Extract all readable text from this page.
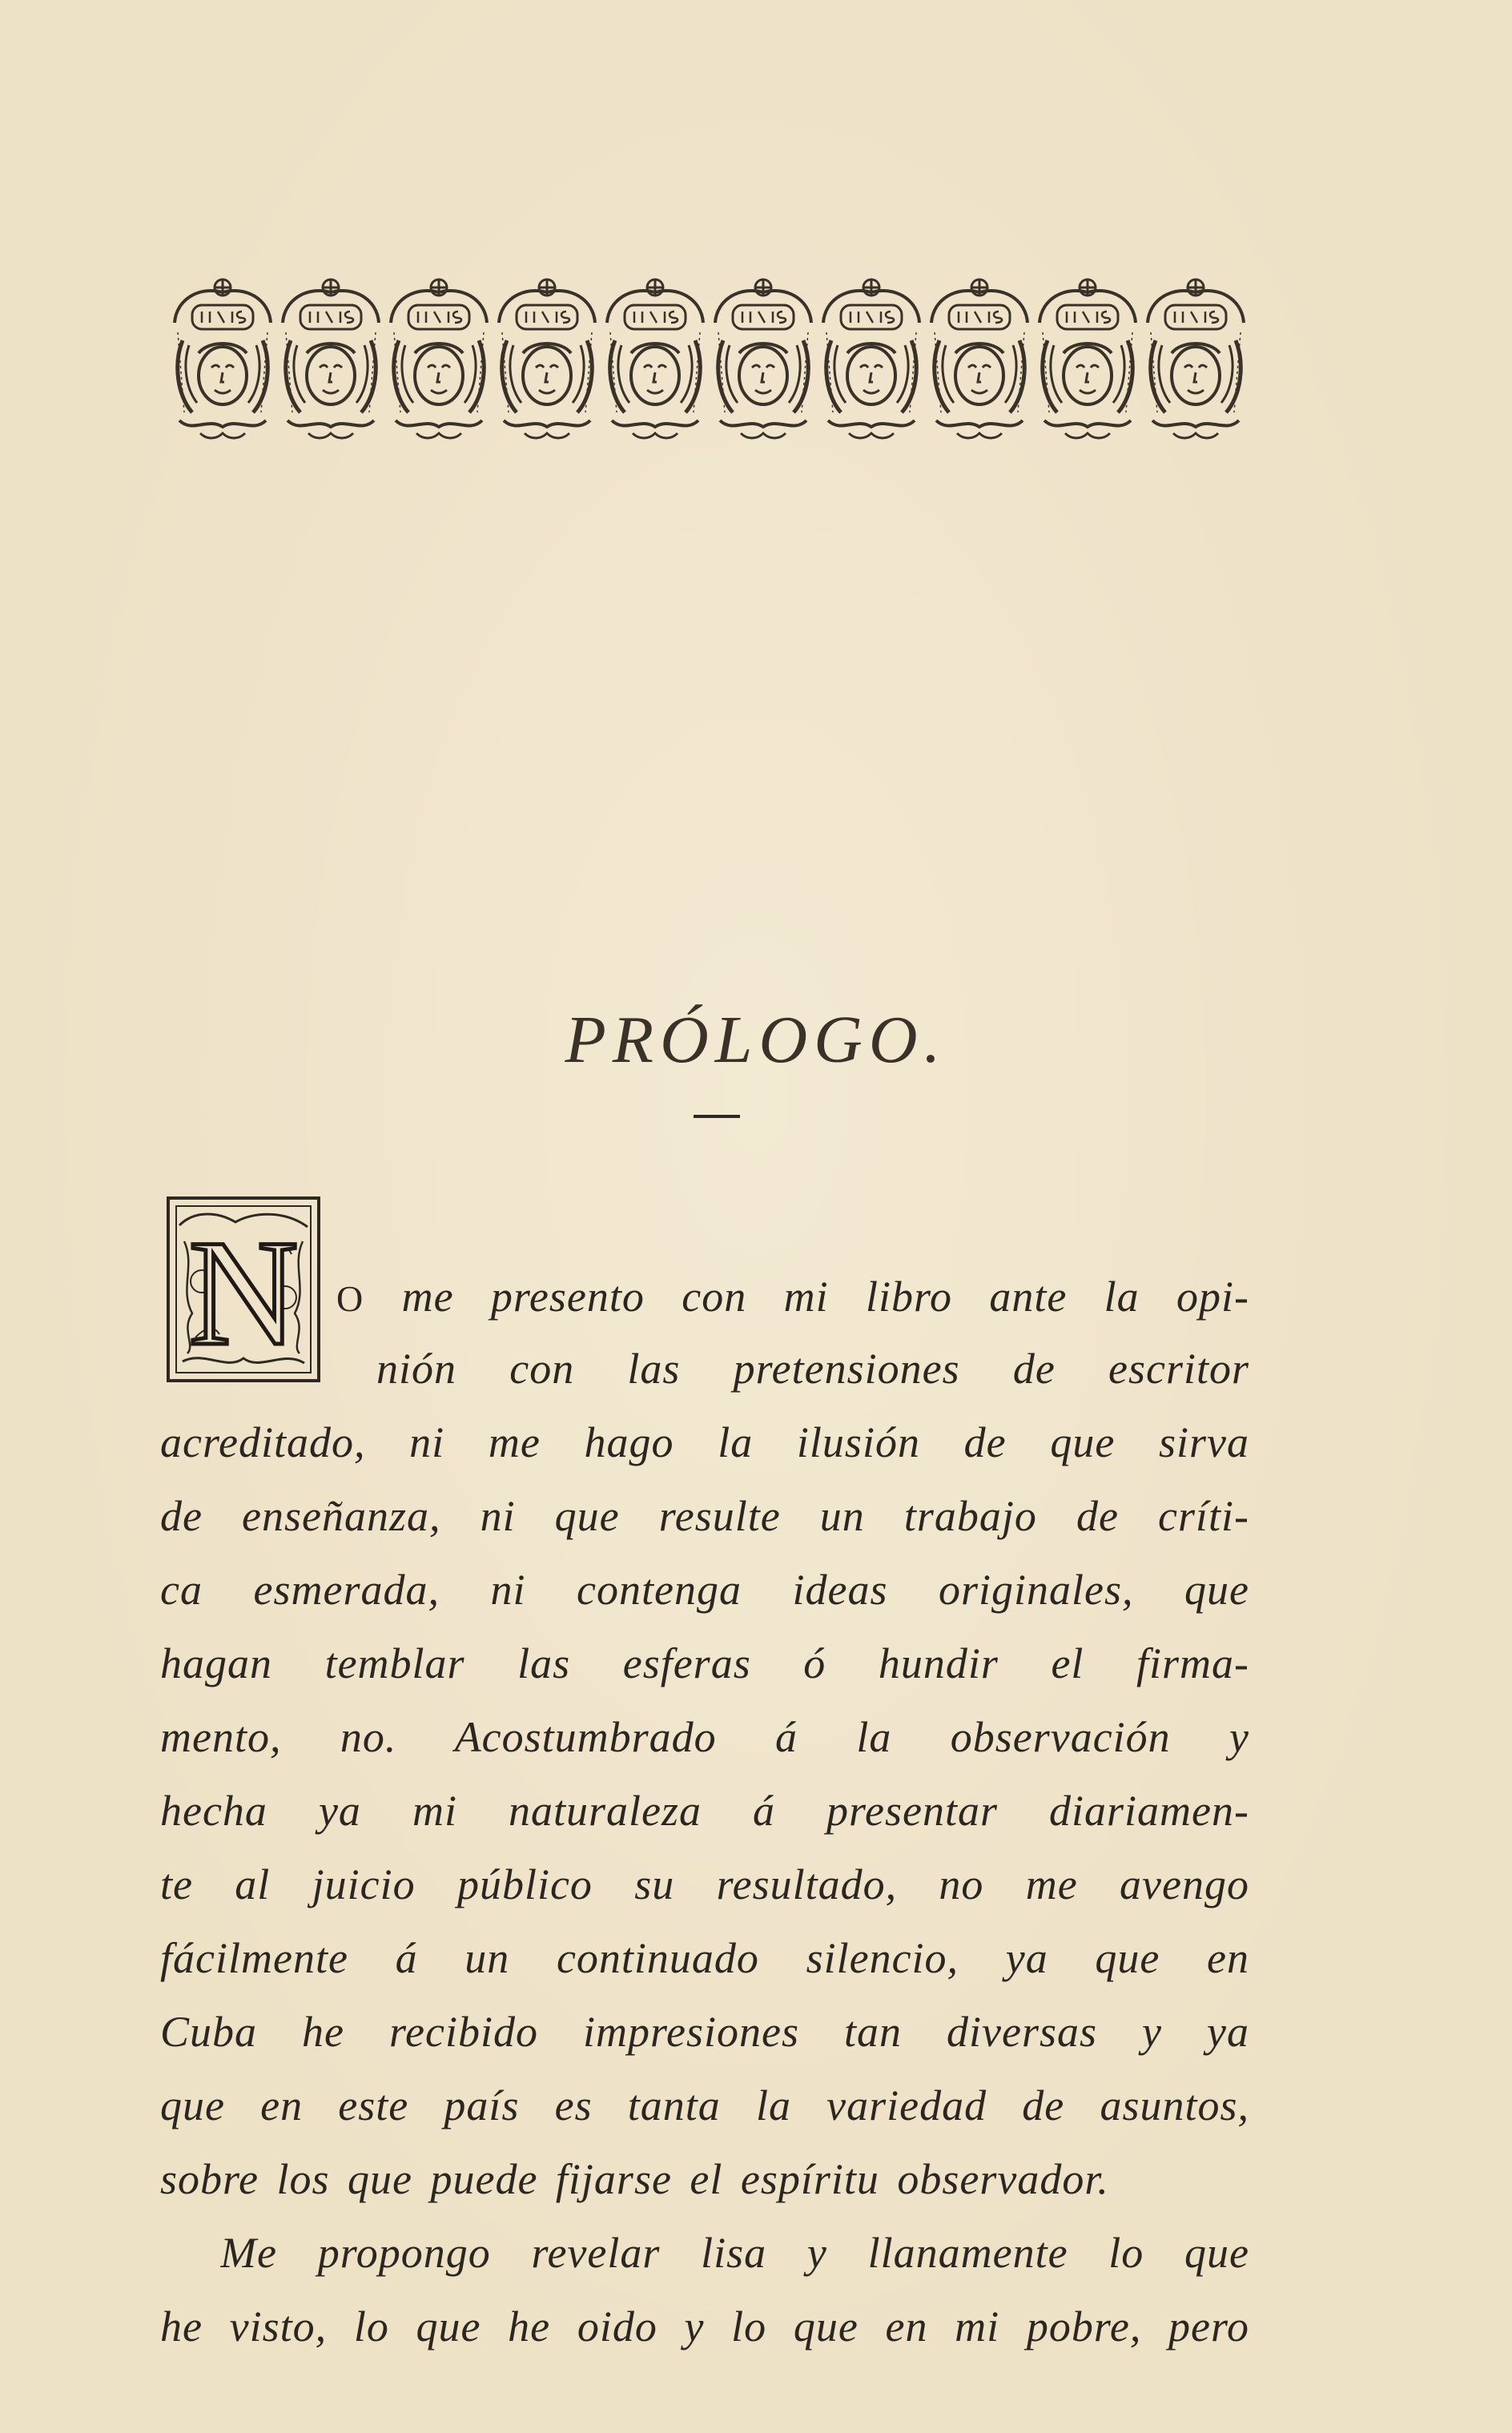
PRÓLOGO.
N O me presento con mi libro ante la opi-
nión con las pretensiones de escritor
acreditado, ni me hago la ilusión de que sirva
de enseñanza, ni que resulte un trabajo de críti-
ca esmerada, ni contenga ideas originales, que
hagan temblar las esferas ó hundir el firma-
mento, no. Acostumbrado á la observación y
hecha ya mi naturaleza á presentar diariamen-
te al juicio público su resultado, no me avengo
fácilmente á un continuado silencio, ya que en
Cuba he recibido impresiones tan diversas y ya
que en este país es tanta la variedad de asuntos,
sobre los que puede fijarse el espíritu observador.
Me propongo revelar lisa y llanamente lo que
he visto, lo que he oido y lo que en mi pobre, pero
